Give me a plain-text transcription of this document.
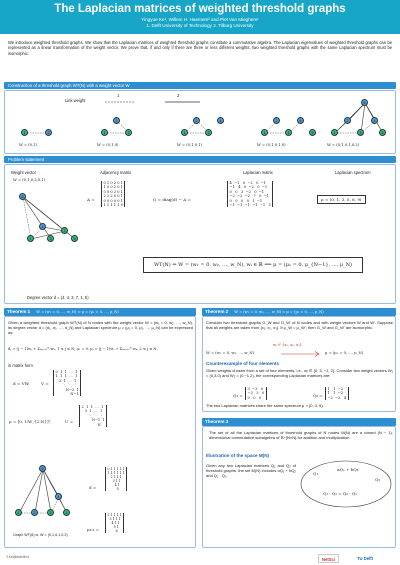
The Laplacian matrices of weighted threshold graphs
Yingyue Ke¹, Willem H. Haemers² and Piet Van Mieghem¹
1. Delft University of Technology 2. Tilburg University
We introduce weighted threshold graphs. We show that the Laplacian matrices of weighted threshold graphs constitute a commutative algebra. The Laplacian eigenvalues of weighted threshold graphs can be represented as a linear transformation of the weight vector. We prove that, if and only if there are three or less different weights, two weighted threshold graphs with the same Laplacian spectrum must be isomorphic.
Construction of a threshold graph WT(N) with a weight vector W
Link weight
1	2
1	2	1
2
3	1
2
3
4
1
2
3
4
5
6
1
2
3
4
5
W = (0,1)	W = (0,1,0)	W = (0,1,0,1)	W = (0,1,0,1,0)	W = (0,1,0,1,0,2)
Problem statement
Weight vector	Adjacency matrix	Laplacian matrix	Laplacian spectrum
W = (0,1,0,2,0,1)
6
4
2
1	3	5
A =
0 1 0 2 0 1
1 0 0 2 0 1
0 0 0 2 0 1
2 2 2 0 0 1
0 0 0 0 0 1
1 1 1 1 1 0
Q = diag(d) − A =
4  −1   0  −2   0  −1
−1   4   0  −2   0  −1
0   0   3  −2   0  −1
−2  −2  −2   7   0  −1
0   0   0   0   1  −1
−1  −1  −1  −1  −1   5
μ = (0, 1, 3, 5, 6, 9)
WT(N) ⇔ W = (w₁ = 0, w₂, …, w_N), wᵢ ∈ ℝ ⟹ μ = (μ₁ = 0, μ_{N−1}, …, μ_N)
Degree vector d = (4, 4, 3, 7, 1, 5)
Theorem 1 W = (w₁ = 0, …, w_N) ⇒ μ = (μ₁ = 0, …, μ_N)
Given a weighted threshold graph WT(N) of N nodes with the weight vector W = (w₁ = 0, w₂, …, w_N), its degree vector d = (d₁, d₂, …, d_N) and Laplacian spectrum μ = (μ₁ = 0, μ₂, …, μ_N) can be expressed as:
dⱼ = (j − 1)wⱼ + Σₖ₌ⱼ₊₁ᴺ wₖ, 1 ≤ j ≤ N; μ₁ = 0, μⱼ = (j − 1)wⱼ + Σₖ₌ⱼ₊₁ᴺ wₖ, 2 ≤ j ≤ N
in matrix form
d = VW,	V =
0  1  1  …  1
1  1  1  …  1
2  1  …  1
⋱  ⋱  ⋮
N−2  1
N−1
μ = [0, UW_{2:N}]ᵀ,	U =
2  1  1  …  1
3  1  …  1
⋱  ⋱  ⋮
N−1  1
N
6
4
1	2	3	5
Graph WT(6) w. W = (0,1,0,1,0,2)
d =
0 1 1 1 1 1
1 1 1 1 1 1
2 1 1 1
3 1 1
4 1
5
μ₂:₆ =
2 1 1 1 1
3 1 1 1
4 1 1
5 1
6
Theorem 2 W = (w₁ = 0, w₂, …, w_N) ⇒ μ = (μ₁ = 0, …, μ_N)
Consider two threshold graphs G_W and G_W' of N nodes and with weight vectors W and W'. Suppose that all weights are taken from {x₁, x₂, x₃}. If μ_W = μ_W', then G_W and G_W' are isomorphic.
wᵢ ∈ {x₁, x₂, x₃}
W = (w₁ = 0, w₂, …, w_N)	μ = (μ₁ = 0, …, μ_N)
Counterexample of four elements
Given weights chosen from a set of four elements, i.e., wᵢ ∈ {0, 3, −1, 2}. Consider two weight vectors W₁ = (0,3,0) and W₂ = (0,−1,2), the corresponding Laplacian matrices are:
Q₁ =
3  −3   0
−3   3   0
0   0   0	Q₂ =
1   1  −2
1   1  −2
−2  −2   4
The two Laplacian matrices share the same spectrum μ = (0, 0, 6).
Theorem 3
The set of all the Laplacian matrices of threshold graphs of N nodes M(N) are a closed (N − 1)-dimensional commutative subalgebra of ℝ^{N×N} for addition and multiplication.
Illustration of the space M(N)
Given any two Laplacian matrices Q₁ and Q₂ of threshold graphs, the set M(N) includes αQ₁ + bQ₂ and Q₁ · Q₂.	Q₁
αQ₁ + bQ₂
Q₂
Q₁ · Q₂ = Q₂ · Q₁
Y.Ke@tudelft.nl	NetSci	TU Delft
